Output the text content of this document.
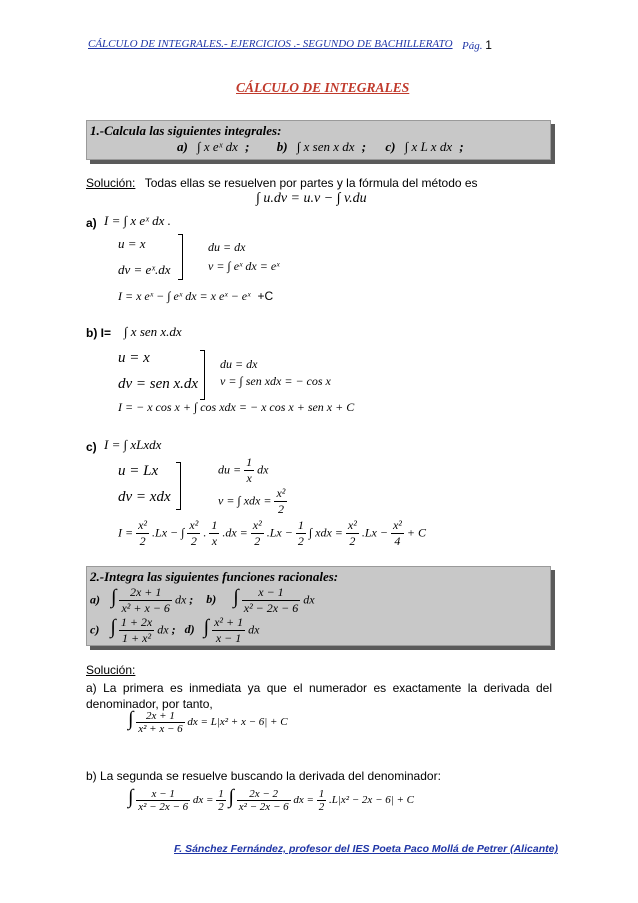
CÁLCULO DE INTEGRALES.- EJERCICIOS .- SEGUNDO DE BACHILLERATO Pág. 1
CÁLCULO DE INTEGRALES
1.-Calcula las siguientes integrales:
a) ∫ x eˣ dx ; b) ∫ x sen x dx ; c) ∫ x L x dx ;
Solución: Todas ellas se resuelven por partes y la fórmula del método es
∫ u.dv = u.v − ∫ v.du
a) I = ∫ x eˣ dx .
u = x
dv = eˣ.dx
du = dx
v = ∫ eˣ dx = eˣ
I = x eˣ − ∫ eˣ dx = x eˣ − eˣ +C
b) I= ∫ x sen x.dx
u = x
dv = sen x.dx
du = dx
v = ∫ sen xdx = − cos x
I = − x cos x + ∫ cos xdx = − x cos x + sen x + C
c) I = ∫ xLxdx
u = Lx
dv = xdx
du = $\frac{1}{x}$ dx
v = ∫ xdx = $\frac{\text{x²}}{2}$
$I = \frac{\text{x²}}{2} .Lx$ − ∫ $\frac{\text{x²}}{2}$ . $\frac{1}{x} .dx = \frac{\text{x²}}{2} .Lx - \frac{1}{2}$ ∫ xdx = $\frac{\text{x²}}{2} .Lx - \frac{\text{x²}}{4} + C$
2.-Integra las siguientes funciones racionales:
a) ∫ $\frac{2x + 1}{\text{x² + x − 6}}$ dx ; b) ∫ $\frac{x - 1}{\text{x² − 2x − 6}}$ dx
c) ∫ $\frac{1 + 2x}{\text{1 + x²}}$ dx ; d) ∫ $\frac{\text{x² + 1}}{x - 1}$ dx
Solución:
a) La primera es inmediata ya que el numerador es exactamente la derivada del denominador, por tanto,
∫ $\frac{2x + 1}{\text{x² + x − 6}}$ dx = L|x² + x − 6| + C
b) La segunda se resuelve buscando la derivada del denominador:
∫ $\frac{x - 1}{\text{x² − 2x − 6}}$ dx = $\frac{1}{2}$ ∫ $\frac{2x - 2}{\text{x² − 2x − 6}}$ dx = $\frac{1}{2} .L|x^2 - 2x - 6| + C$
F. Sánchez Fernández, profesor del IES Poeta Paco Mollá de Petrer (Alicante)
